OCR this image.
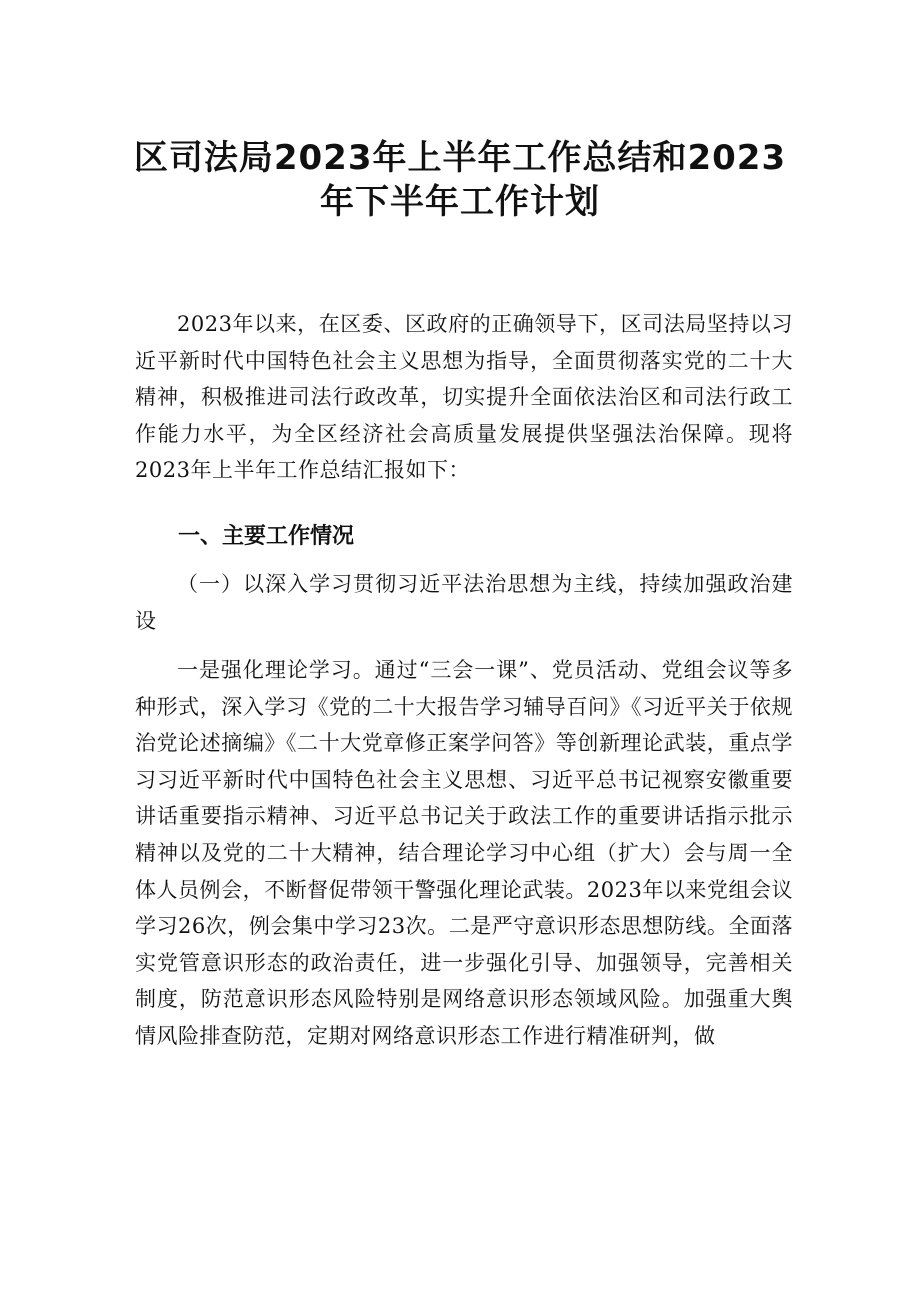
区司法局2023年上半年工作总结和2023
年下半年工作计划

2023年以来，在区委、区政府的正确领导下，区司法局坚持以习近平新时代中国特色社会主义思想为指导，全面贯彻落实党的二十大精神，积极推进司法行政改革，切实提升全面依法治区和司法行政工作能力水平，为全区经济社会高质量发展提供坚强法治保障。现将2023年上半年工作总结汇报如下：

一、主要工作情况

（一）以深入学习贯彻习近平法治思想为主线，持续加强政治建设

一是强化理论学习。通过“三会一课”、党员活动、党组会议等多种形式，深入学习《党的二十大报告学习辅导百问》《习近平关于依规治党论述摘编》《二十大党章修正案学问答》等创新理论武装，重点学习习近平新时代中国特色社会主义思想、习近平总书记视察安徽重要讲话重要指示精神、习近平总书记关于政法工作的重要讲话指示批示精神以及党的二十大精神，结合理论学习中心组（扩大）会与周一全体人员例会，不断督促带领干警强化理论武装。2023年以来党组会议学习26次，例会集中学习23次。二是严守意识形态思想防线。全面落实党管意识形态的政治责任，进一步强化引导、加强领导，完善相关制度，防范意识形态风险特别是网络意识形态领域风险。加强重大舆情风险排查防范，定期对网络意识形态工作进行精准研判，做
